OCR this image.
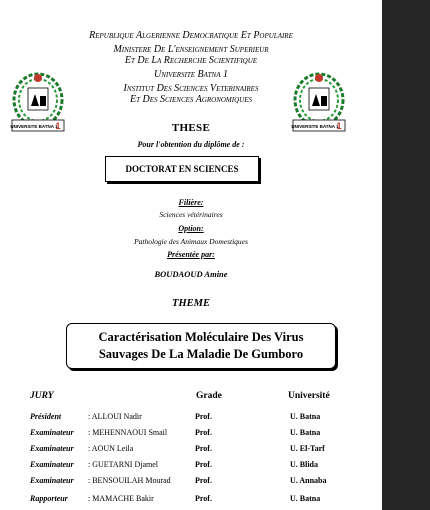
Republique Algerienne Democratique Et Populaire
Ministere De L'enseignement Superieur
Et De La Recherche Scientifique
Universite Batna 1
Institut Des Sciences Veterinaires
Et Des Sciences Agronomiques
UNIVERSITE BATNA 1
1	UNIVERSITE BATNA 1
1
THESE
Pour l'obtention du diplôme de :
DOCTORAT EN SCIENCES
Filière:
Sciences vétérinaires
Option:
Pathologie des Animaux Domestiques
Présentée par:
BOUDAOUD Amine
THEME
Caractérisation Moléculaire Des Virus
Sauvages De La Maladie De Gumboro
JURY	Grade	Université
Président	: ALLOUI Nadir	Prof.	U. Batna
Examinateur : MEHENNAOUI Smail	Prof.	U. Batna
Examinateur : AOUN Leila	Prof.	U. El-Tarf
Examinateur : GUETARNI Djamel	Prof.	U. Blida
Examinateur : BENSOUILAH Mourad	Prof.	U. Annaba
Rapporteur	: MAMACHE Bakir	Prof.	U. Batna
